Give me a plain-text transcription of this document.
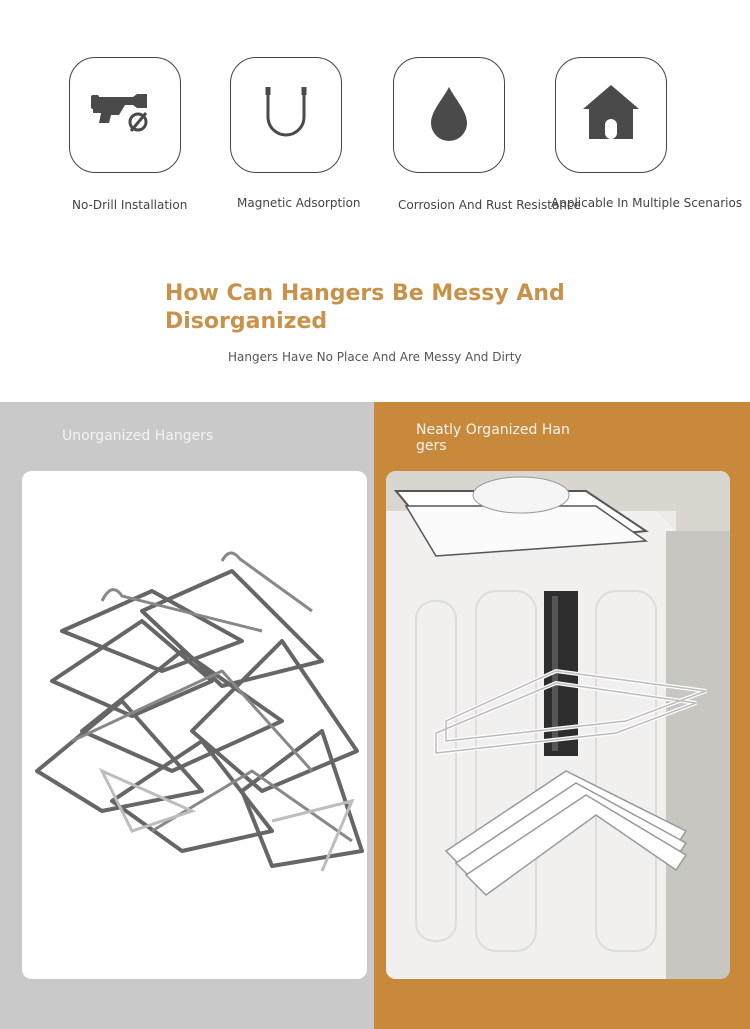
No-Drill Installation	Magnetic Adsorption	Corrosion And Rust Resistance
Applicable In Multiple Scenarios
How Can Hangers Be Messy And
Disorganized
Hangers Have No Place And Are Messy And Dirty
Unorganized Hangers	Neatly Organized Han
gers
